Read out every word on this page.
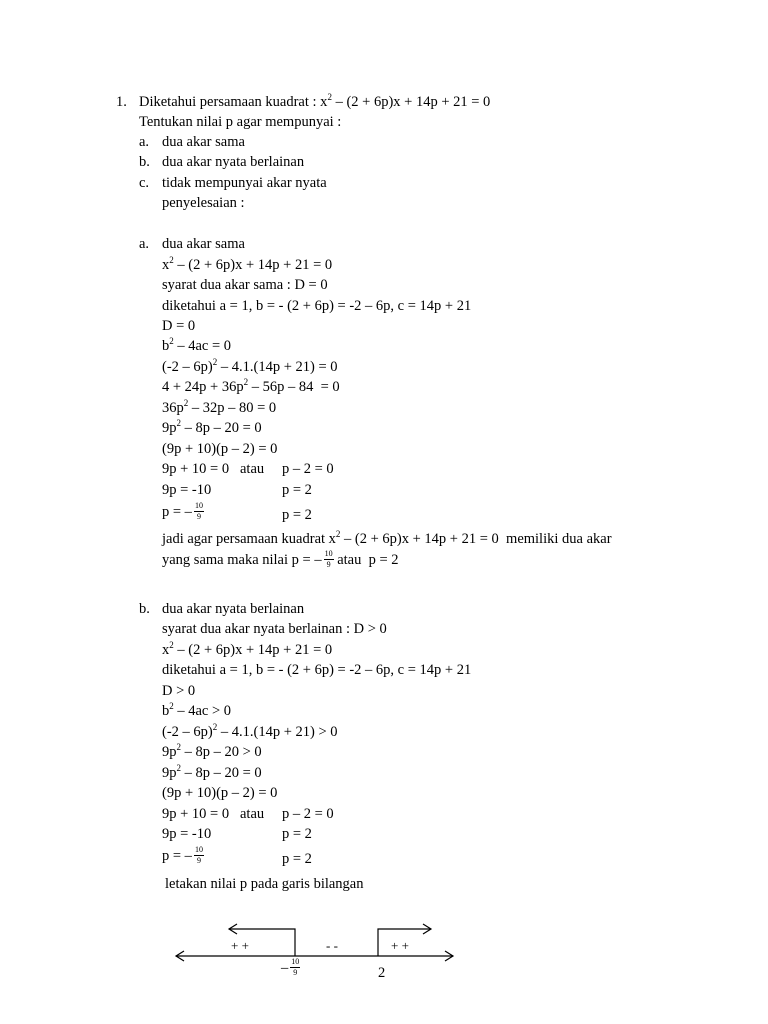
1. Diketahui persamaan kuadrat : $x^2 - (2 + 6p)x + 14p + 21 = 0$
Tentukan nilai p agar mempunyai :
a. dua akar sama
b. dua akar nyata berlainan
c. tidak mempunyai akar nyata
penyelesaian :
a. dua akar sama
$x^2 - (2 + 6p)x + 14p + 21 = 0$
syarat dua akar sama : D = 0
diketahui a = 1, b = - (2 + 6p) = -2 – 6p, c = 14p + 21
D = 0
$b^2 - 4ac = 0$
(-2 – 6p)$^2$ – 4.1.(14p + 21) = 0
$4 + 24p + 36p^2 - 56p - 84 = 0$
$36p^2 - 32p - 80 = 0$
$9p^2 - 8p - 20 = 0$
(9p + 10)(p – 2) = 0
9p + 10 = 0   atau p – 2 = 0
9p = -10	p = 2
p = – $\frac{10}{9}$	p = 2
jadi agar persamaan kuadrat $x^2 - (2 + 6p)x + 14p + 21 = 0$  memiliki dua akar
yang sama maka nilai p = – $\frac{10}{9}$ atau  p = 2
b. dua akar nyata berlainan
syarat dua akar nyata berlainan : D > 0
$x^2 - (2 + 6p)x + 14p + 21 = 0$
diketahui a = 1, b = - (2 + 6p) = -2 – 6p, c = 14p + 21
D > 0
$b^2 - 4ac > 0$
(-2 – 6p)$^2$ – 4.1.(14p + 21) > 0
$9p^2 - 8p - 20 > 0$
$9p^2 - 8p - 20 = 0$
(9p + 10)(p – 2) = 0
9p + 10 = 0   atau p – 2 = 0
9p = -10	p = 2
p = – $\frac{10}{9}$	p = 2
letakan nilai p pada garis bilangan
+ +	- -	+ +
– $\frac{10}{9}$	2
